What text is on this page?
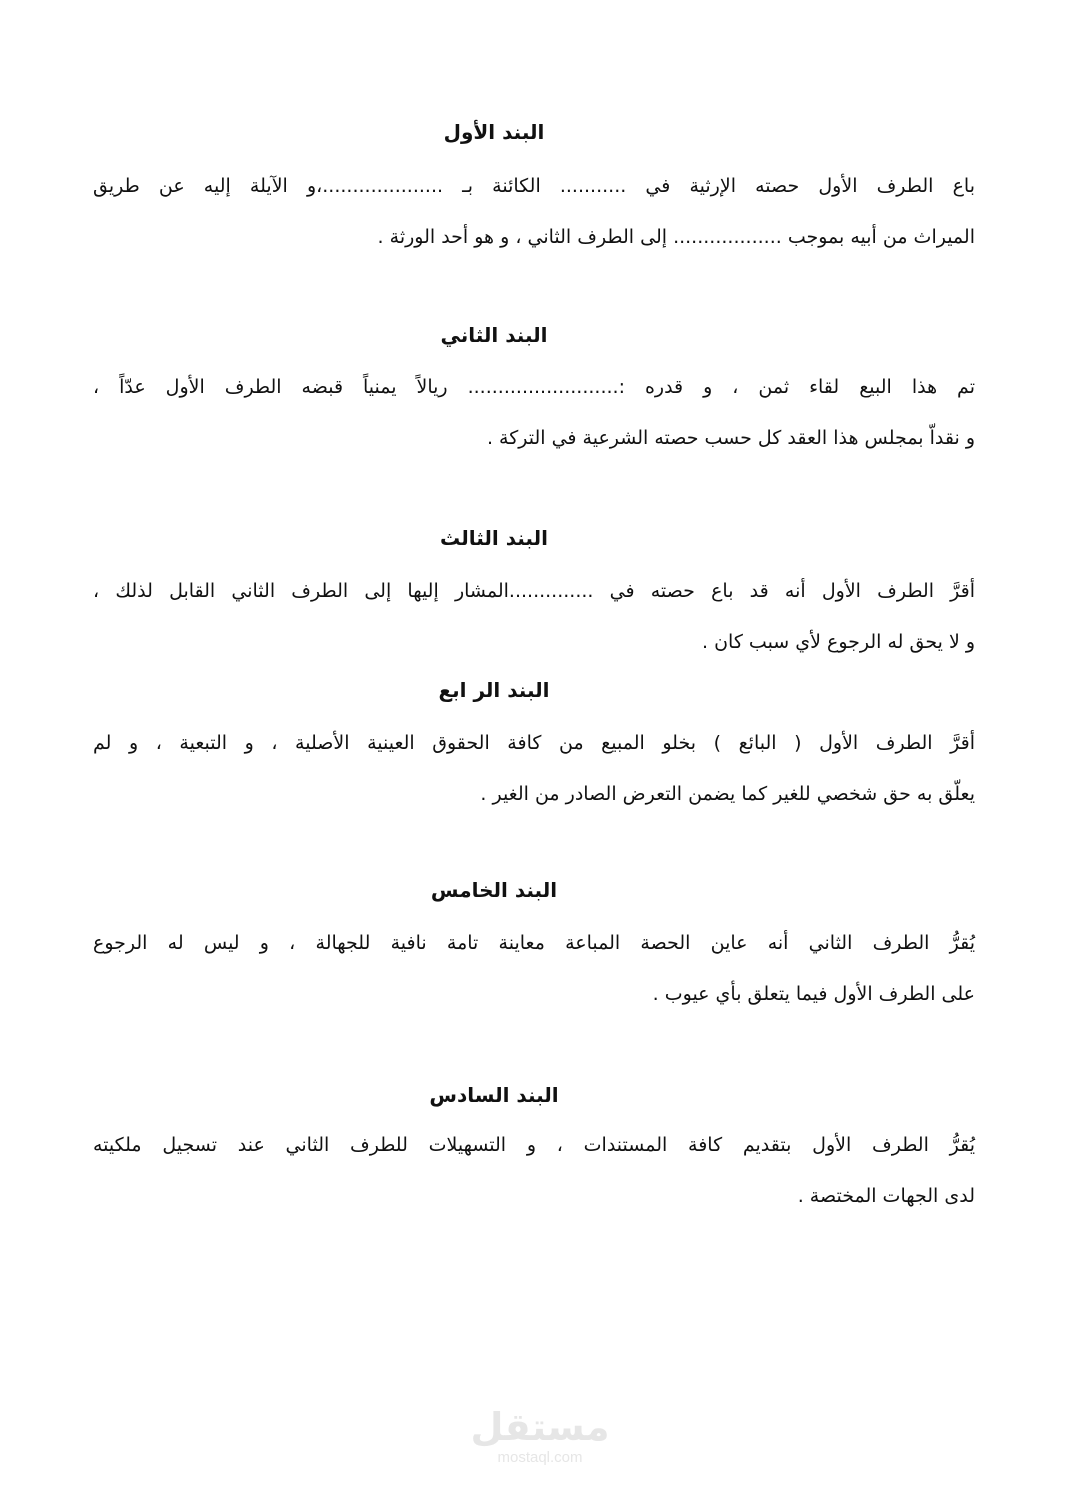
البند الأول
باع الطرف الأول حصته الإرثية في ........... الكائنة بـ ....................،و الآيلة إليه عن طريق
الميراث من أبيه بموجب .................. إلى الطرف الثاني ، و هو أحد الورثة .
البند الثاني
تم هذا البيع لقاء ثمن ، و قدره :......................... ريالاً يمنياً قبضه الطرف الأول عدّاً ،
و نقداّ بمجلس هذا العقد كل حسب حصته الشرعية في التركة .
البند الثالث
أقرَّ الطرف الأول أنه قد باع حصته في ..............المشار إليها إلى الطرف الثاني القابل لذلك ،
و لا يحق له الرجوع لأي سبب كان .
البند الر ابع
أقرَّ الطرف الأول ( البائع ) بخلو المبيع من كافة الحقوق العينية الأصلية ، و التبعية ، و لم
يعلّق به حق شخصي للغير كما يضمن التعرض الصادر من الغير .
البند الخامس
يُقرُّ الطرف الثاني أنه عاين الحصة المباعة معاينة تامة نافية للجهالة ، و ليس له الرجوع
على الطرف الأول فيما يتعلق بأي عيوب .
البند السادس
يُقرُّ الطرف الأول بتقديم كافة المستندات ، و التسهيلات للطرف الثاني عند تسجيل ملكيته
لدى الجهات المختصة .
مستقل
mostaql.com
